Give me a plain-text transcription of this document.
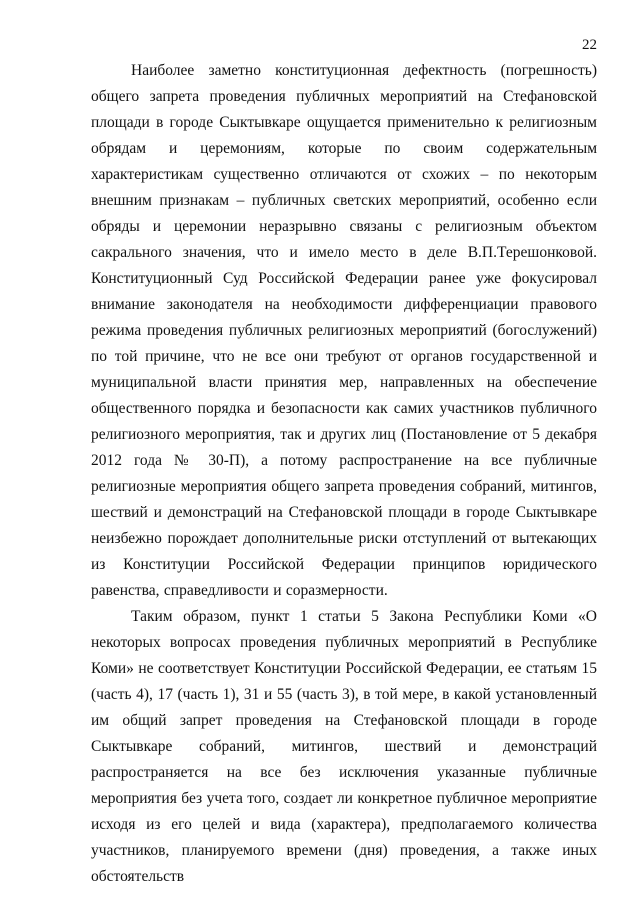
22

Наиболее заметно конституционная дефектность (погрешность) общего запрета проведения публичных мероприятий на Стефановской площади в городе Сыктывкаре ощущается применительно к религиозным обрядам и церемониям, которые по своим содержательным характеристикам существенно отличаются от схожих – по некоторым внешним признакам – публичных светских мероприятий, особенно если обряды и церемонии неразрывно связаны с религиозным объектом сакрального значения, что и имело место в деле В.П.Терешонковой. Конституционный Суд Российской Федерации ранее уже фокусировал внимание законодателя на необходимости дифференциации правового режима проведения публичных религиозных мероприятий (богослужений) по той причине, что не все они требуют от органов государственной и муниципальной власти принятия мер, направленных на обеспечение общественного порядка и безопасности как самих участников публичного религиозного мероприятия, так и других лиц (Постановление от 5 декабря 2012 года № 30-П), а потому распространение на все публичные религиозные мероприятия общего запрета проведения собраний, митингов, шествий и демонстраций на Стефановской площади в городе Сыктывкаре неизбежно порождает дополнительные риски отступлений от вытекающих из Конституции Российской Федерации принципов юридического равенства, справедливости и соразмерности.

Таким образом, пункт 1 статьи 5 Закона Республики Коми «О некоторых вопросах проведения публичных мероприятий в Республике Коми» не соответствует Конституции Российской Федерации, ее статьям 15 (часть 4), 17 (часть 1), 31 и 55 (часть 3), в той мере, в какой установленный им общий запрет проведения на Стефановской площади в городе Сыктывкаре собраний, митингов, шествий и демонстраций распространяется на все без исключения указанные публичные мероприятия без учета того, создает ли конкретное публичное мероприятие исходя из его целей и вида (характера), предполагаемого количества участников, планируемого времени (дня) проведения, а также иных обстоятельств
